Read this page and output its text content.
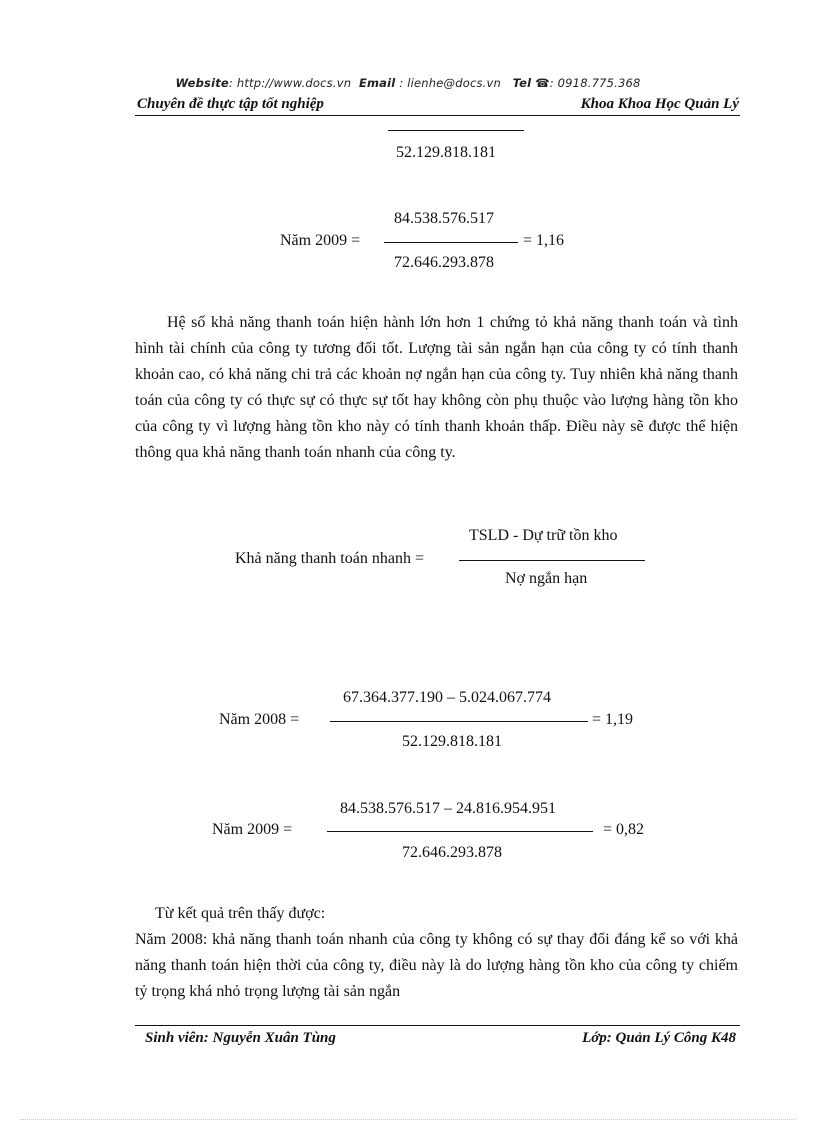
Website: http://www.docs.vn Email : lienhe@docs.vn Tel ☎: 0918.775.368
Chuyên đề thực tập tốt nghiệp	Khoa Khoa Học Quản Lý
52.129.818.181
84.538.576.517
Năm 2009 =	= 1,16
72.646.293.878
Hệ số khả năng thanh toán hiện hành lớn hơn 1 chứng tỏ khả năng thanh toán và tình hình tài chính của công ty tương đối tốt. Lượng tài sản ngắn hạn của công ty có tính thanh khoản cao, có khả năng chi trả các khoản nợ ngắn hạn của công ty. Tuy nhiên khả năng thanh toán của công ty có thực sự có thực sự tốt hay không còn phụ thuộc vào lượng hàng tồn kho của công ty vì lượng hàng tồn kho này có tính thanh khoản thấp. Điều này sẽ được thể hiện thông qua khả năng thanh toán nhanh của công ty.
TSLD - Dự trữ tồn kho
Khả năng thanh toán nhanh =
Nợ ngắn hạn
67.364.377.190 – 5.024.067.774
Năm 2008 =	= 1,19
52.129.818.181
84.538.576.517 – 24.816.954.951
Năm 2009 =	= 0,82
72.646.293.878
Từ kết quả trên thấy được:
Năm 2008: khả năng thanh toán nhanh của công ty không có sự thay đổi đáng kể so với khả năng thanh toán hiện thời của công ty, điều này là do lượng hàng tồn kho của công ty chiếm tỷ trọng khá nhỏ trọng lượng tài sản ngắn
Sinh viên: Nguyễn Xuân Tùng	Lớp: Quản Lý Công K48
